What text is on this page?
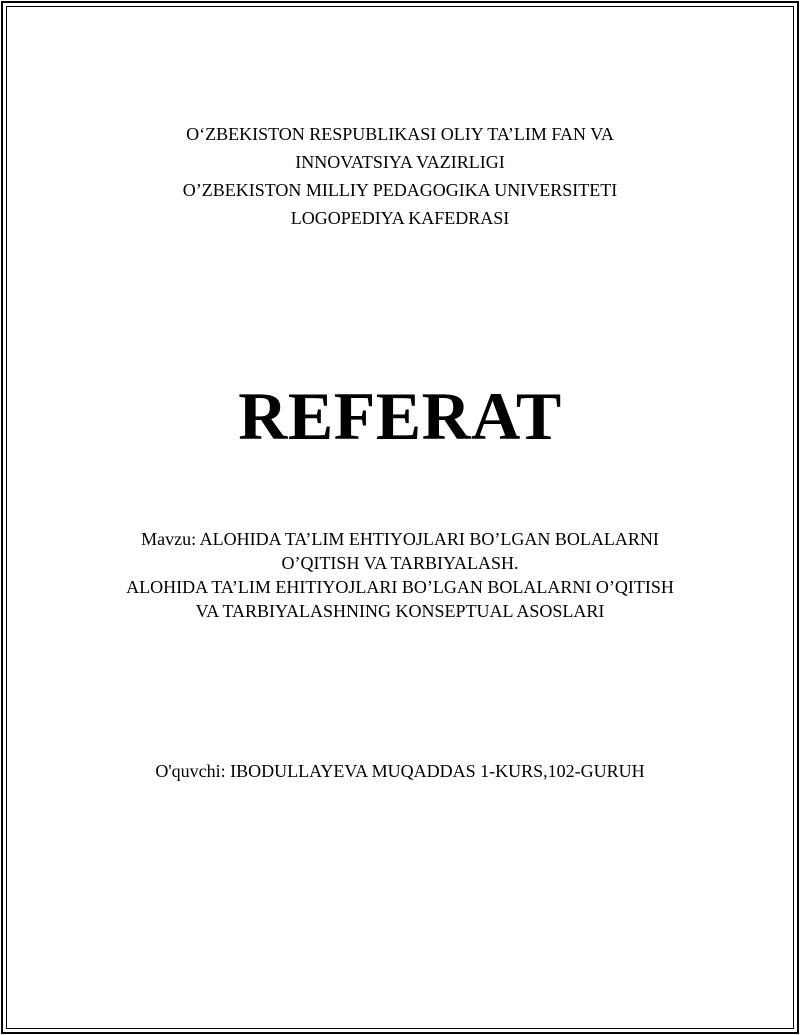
O‘ZBEKISTON RESPUBLIKASI OLIY TA’LIM FAN VA
INNOVATSIYA VAZIRLIGI
O’ZBEKISTON MILLIY PEDAGOGIKA UNIVERSITETI
LOGOPEDIYA KAFEDRASI
REFERAT
Mavzu: ALOHIDA TA’LIM EHTIYOJLARI BO’LGAN BOLALARNI
O’QITISH VA TARBIYALASH.
ALOHIDA TA’LIM EHITIYOJLARI BO’LGAN BOLALARNI O’QITISH
VA TARBIYALASHNING KONSEPTUAL ASOSLARI
O'quvchi: IBODULLAYEVA MUQADDAS 1-KURS,102-GURUH
